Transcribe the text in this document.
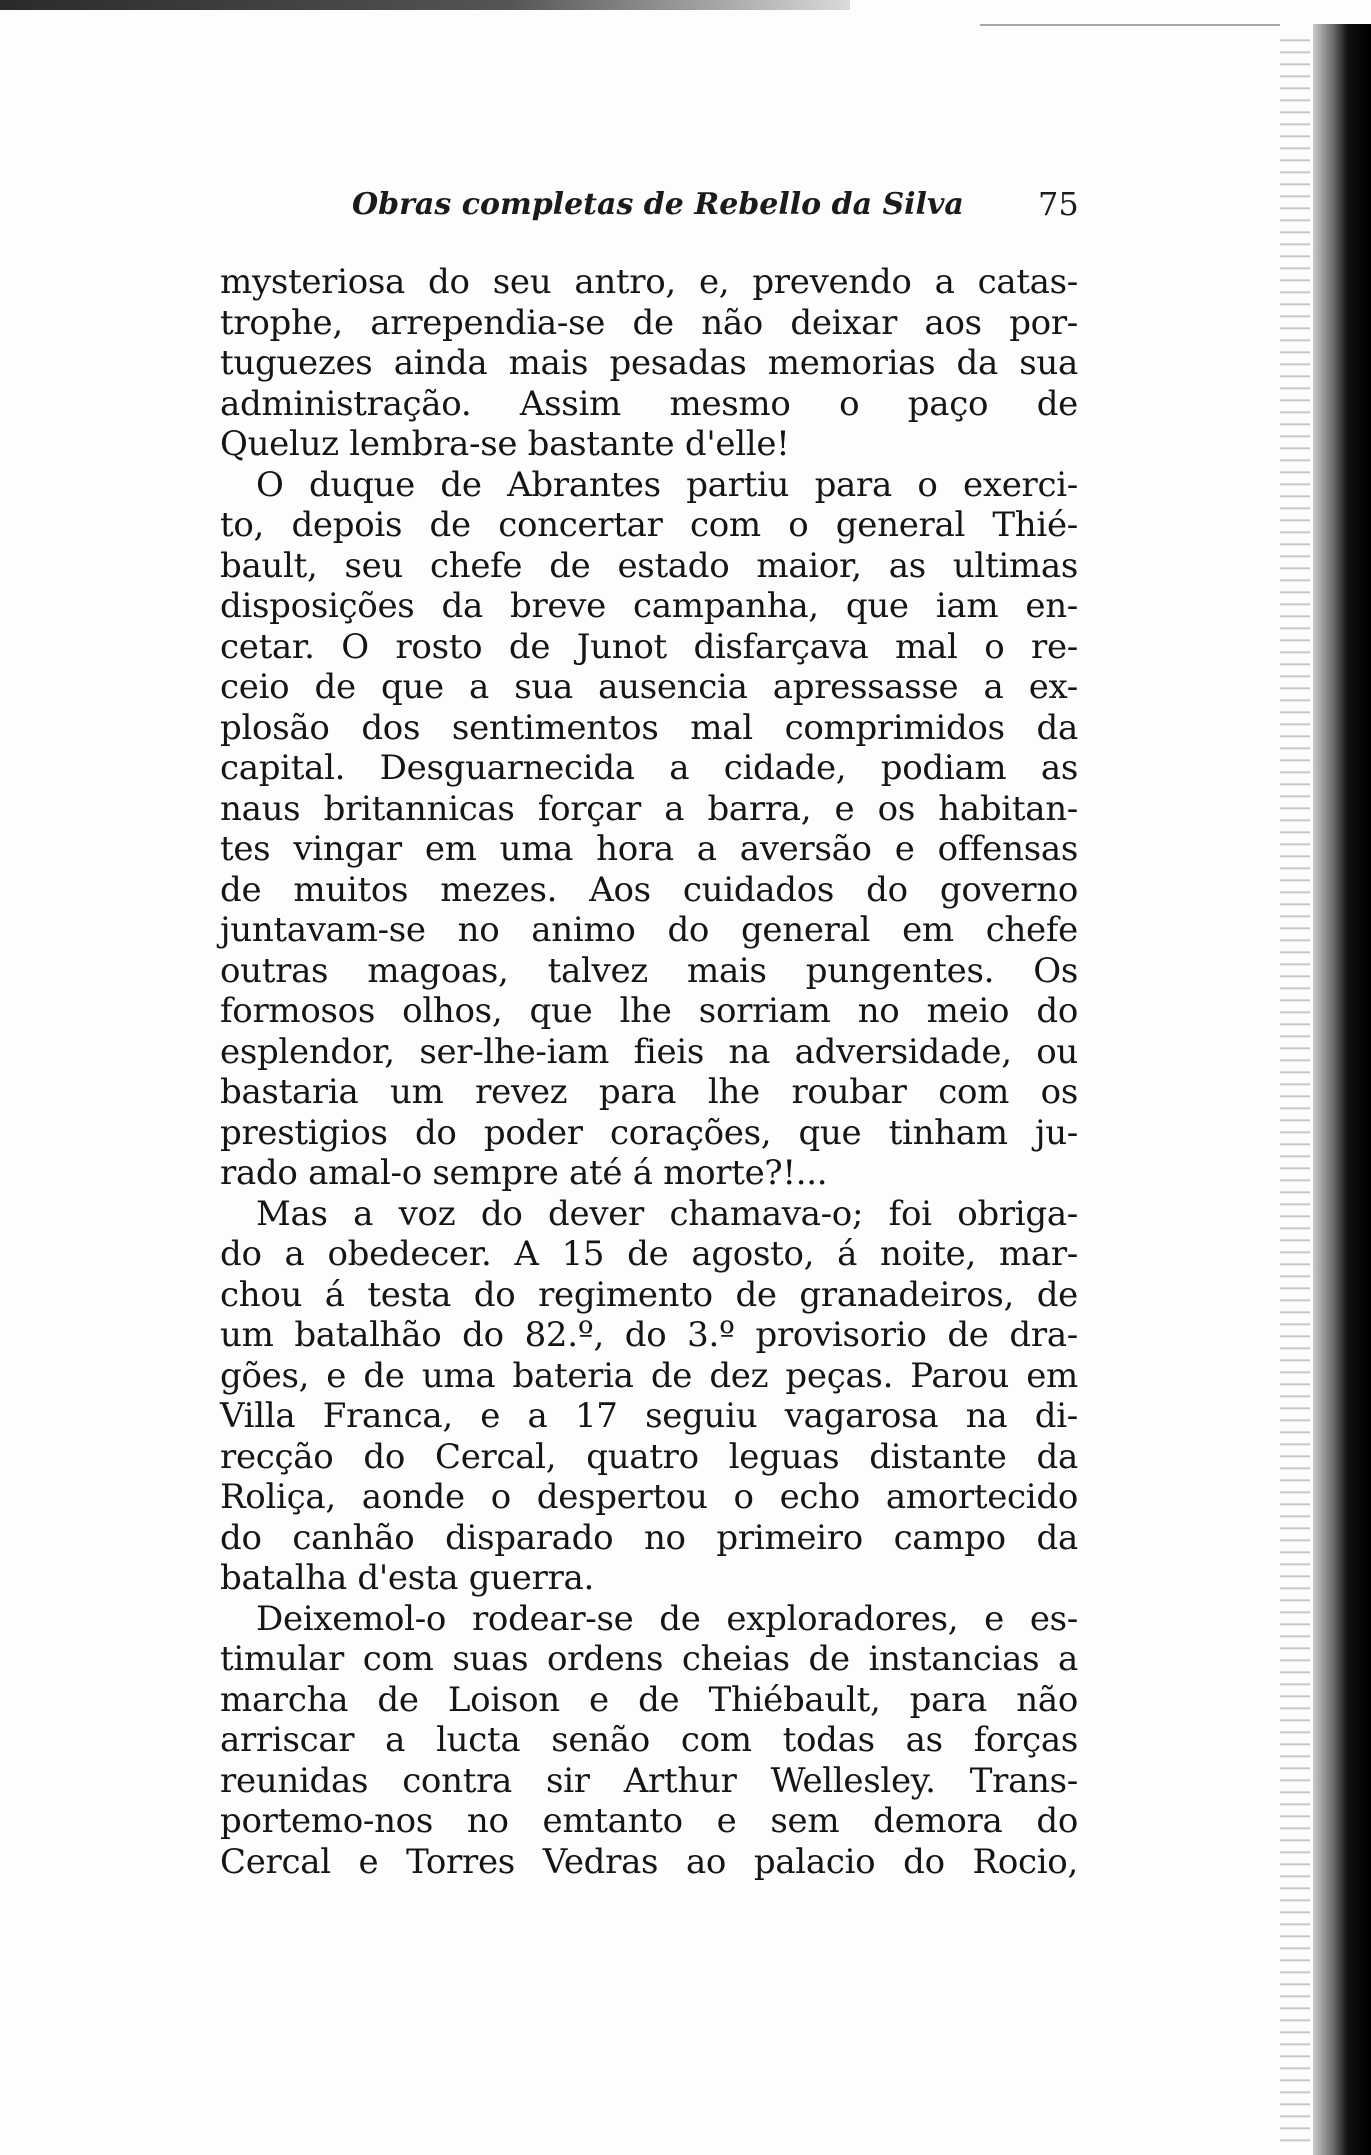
Obras completas de Rebello da Silva 75
mysteriosa do seu antro, e, prevendo a catas-
trophe, arrependia-se de não deixar aos por-
tuguezes ainda mais pesadas memorias da sua
administração. Assim mesmo o paço de
Queluz lembra-se bastante d'elle!
O duque de Abrantes partiu para o exerci-
to, depois de concertar com o general Thié-
bault, seu chefe de estado maior, as ultimas
disposições da breve campanha, que iam en-
cetar. O rosto de Junot disfarçava mal o re-
ceio de que a sua ausencia apressasse a ex-
plosão dos sentimentos mal comprimidos da
capital. Desguarnecida a cidade, podiam as
naus britannicas forçar a barra, e os habitan-
tes vingar em uma hora a aversão e offensas
de muitos mezes. Aos cuidados do governo
juntavam-se no animo do general em chefe
outras magoas, talvez mais pungentes. Os
formosos olhos, que lhe sorriam no meio do
esplendor, ser-lhe-iam fieis na adversidade, ou
bastaria um revez para lhe roubar com os
prestigios do poder corações, que tinham ju-
rado amal-o sempre até á morte?!...
Mas a voz do dever chamava-o; foi obriga-
do a obedecer. A 15 de agosto, á noite, mar-
chou á testa do regimento de granadeiros, de
um batalhão do 82.º, do 3.º provisorio de dra-
gões, e de uma bateria de dez peças. Parou em
Villa Franca, e a 17 seguiu vagarosa na di-
recção do Cercal, quatro leguas distante da
Roliça, aonde o despertou o echo amortecido
do canhão disparado no primeiro campo da
batalha d'esta guerra.
Deixemol-o rodear-se de exploradores, e es-
timular com suas ordens cheias de instancias a
marcha de Loison e de Thiébault, para não
arriscar a lucta senão com todas as forças
reunidas contra sir Arthur Wellesley. Trans-
portemo-nos no emtanto e sem demora do
Cercal e Torres Vedras ao palacio do Rocio,
